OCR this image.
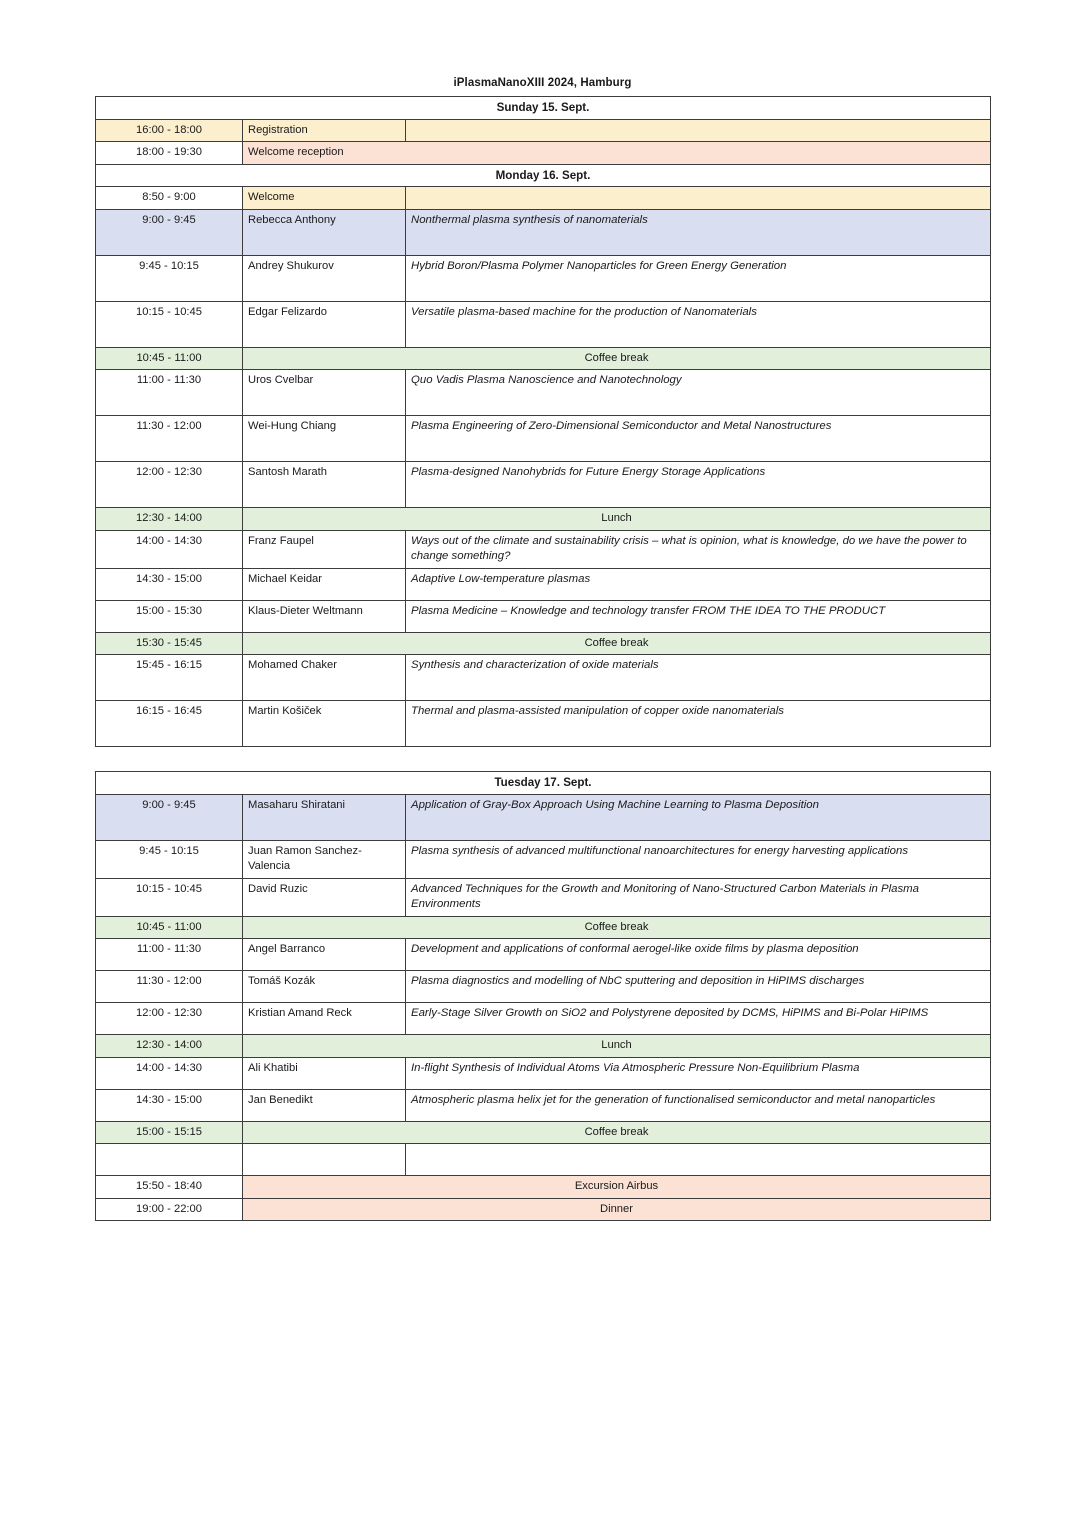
iPlasmaNanoXIII 2024, Hamburg
Sunday 15. Sept.		
16:00 - 18:00	Registration	
18:00 - 19:30	Welcome reception	
Monday 16. Sept.		
8:50 - 9:00	Welcome	
9:00 - 9:45	Rebecca Anthony	Nonthermal plasma synthesis of nanomaterials
9:45 - 10:15	Andrey Shukurov	Hybrid Boron/Plasma Polymer Nanoparticles for Green Energy Generation
10:15 - 10:45	Edgar Felizardo	Versatile plasma-based machine for the production of Nanomaterials
10:45 - 11:00	Coffee break	
11:00 - 11:30	Uros Cvelbar	Quo Vadis Plasma Nanoscience and Nanotechnology
11:30 - 12:00	Wei-Hung Chiang	Plasma Engineering of Zero-Dimensional Semiconductor and Metal Nanostructures
12:00 - 12:30	Santosh Marath	Plasma-designed Nanohybrids for Future Energy Storage Applications
12:30 - 14:00	Lunch	
14:00 - 14:30	Franz Faupel	Ways out of the climate and sustainability crisis – what is opinion, what is knowledge, do we have the power to change something?
14:30 - 15:00	Michael Keidar	Adaptive Low-temperature plasmas
15:00 - 15:30	Klaus-Dieter Weltmann	Plasma Medicine – Knowledge and technology transfer FROM THE IDEA TO THE PRODUCT
15:30 - 15:45	Coffee break	
15:45 - 16:15	Mohamed Chaker	Synthesis and characterization of oxide materials
16:15 - 16:45	Martin Košiček	Thermal and plasma-assisted manipulation of copper oxide nanomaterials
Tuesday 17. Sept.		
9:00 - 9:45	Masaharu Shiratani	Application of Gray-Box Approach Using Machine Learning to Plasma Deposition
9:45 - 10:15	Juan Ramon Sanchez-Valencia	Plasma synthesis of advanced multifunctional nanoarchitectures for energy harvesting applications
10:15 - 10:45	David Ruzic	Advanced Techniques for the Growth and Monitoring of Nano-Structured Carbon Materials in Plasma Environments
10:45 - 11:00	Coffee break	
11:00 - 11:30	Angel Barranco	Development and applications of conformal aerogel-like oxide films by plasma deposition
11:30 - 12:00	Tomáš Kozák	Plasma diagnostics and modelling of NbC sputtering and deposition in HiPIMS discharges
12:00 - 12:30	Kristian Amand Reck	Early-Stage Silver Growth on SiO2 and Polystyrene deposited by DCMS, HiPIMS and Bi-Polar HiPIMS
12:30 - 14:00	Lunch	
14:00 - 14:30	Ali Khatibi	In-flight Synthesis of Individual Atoms Via Atmospheric Pressure Non-Equilibrium Plasma
14:30 - 15:00	Jan Benedikt	Atmospheric plasma helix jet for the generation of functionalised semiconductor and metal nanoparticles
15:00 - 15:15	Coffee break	

15:50 - 18:40	Excursion Airbus	
19:00 - 22:00	Dinner	
